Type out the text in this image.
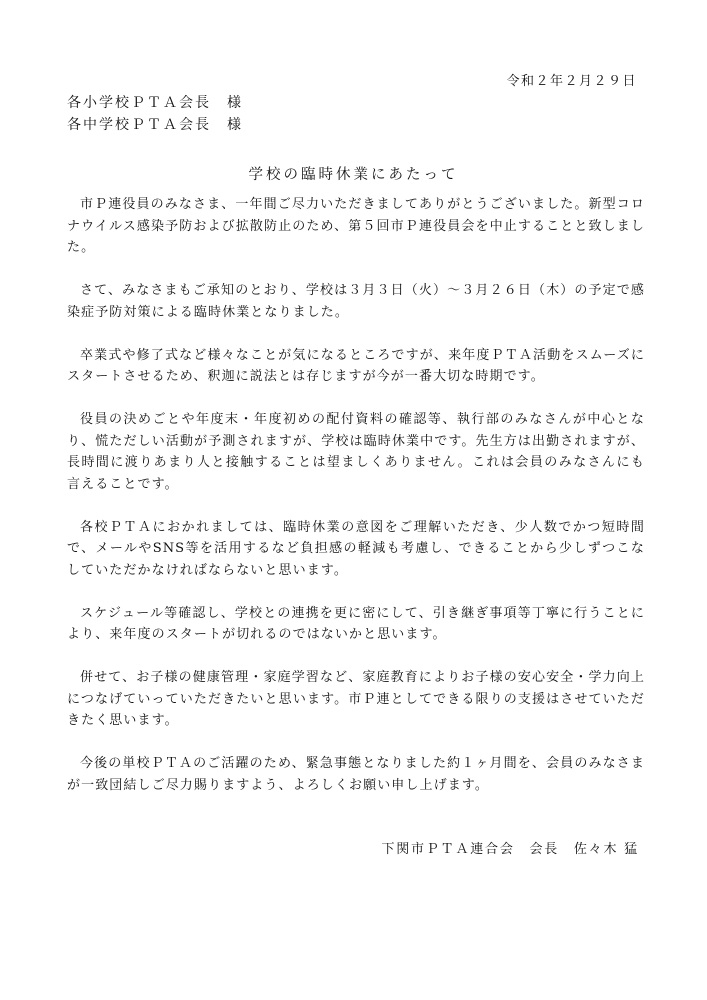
令和２年２月２９日
各小学校ＰＴＡ会長　様
各中学校ＰＴＡ会長　様
学校の臨時休業にあたって

市Ｐ連役員のみなさま、一年間ご尽力いただきましてありがとうございました。新型コロナウイルス感染予防および拡散防止のため、第５回市Ｐ連役員会を中止することと致しました。

さて、みなさまもご承知のとおり、学校は３月３日（火）～３月２６日（木）の予定で感染症予防対策による臨時休業となりました。

卒業式や修了式など様々なことが気になるところですが、来年度ＰＴＡ活動をスムーズにスタートさせるため、釈迦に説法とは存じますが今が一番大切な時期です。

役員の決めごとや年度末・年度初めの配付資料の確認等、執行部のみなさんが中心となり、慌ただしい活動が予測されますが、学校は臨時休業中です。先生方は出勤されますが、長時間に渡りあまり人と接触することは望ましくありません。これは会員のみなさんにも言えることです。

各校ＰＴＡにおかれましては、臨時休業の意図をご理解いただき、少人数でかつ短時間で、メールやSNS等を活用するなど負担感の軽減も考慮し、できることから少しずつこなしていただかなければならないと思います。

スケジュール等確認し、学校との連携を更に密にして、引き継ぎ事項等丁寧に行うことにより、来年度のスタートが切れるのではないかと思います。

併せて、お子様の健康管理・家庭学習など、家庭教育によりお子様の安心安全・学力向上につなげていっていただきたいと思います。市Ｐ連としてできる限りの支援はさせていただきたく思います。

今後の単校ＰＴＡのご活躍のため、緊急事態となりました約１ヶ月間を、会員のみなさまが一致団結しご尽力賜りますよう、よろしくお願い申し上げます。

下関市ＰＴＡ連合会　会長　佐々木 猛
